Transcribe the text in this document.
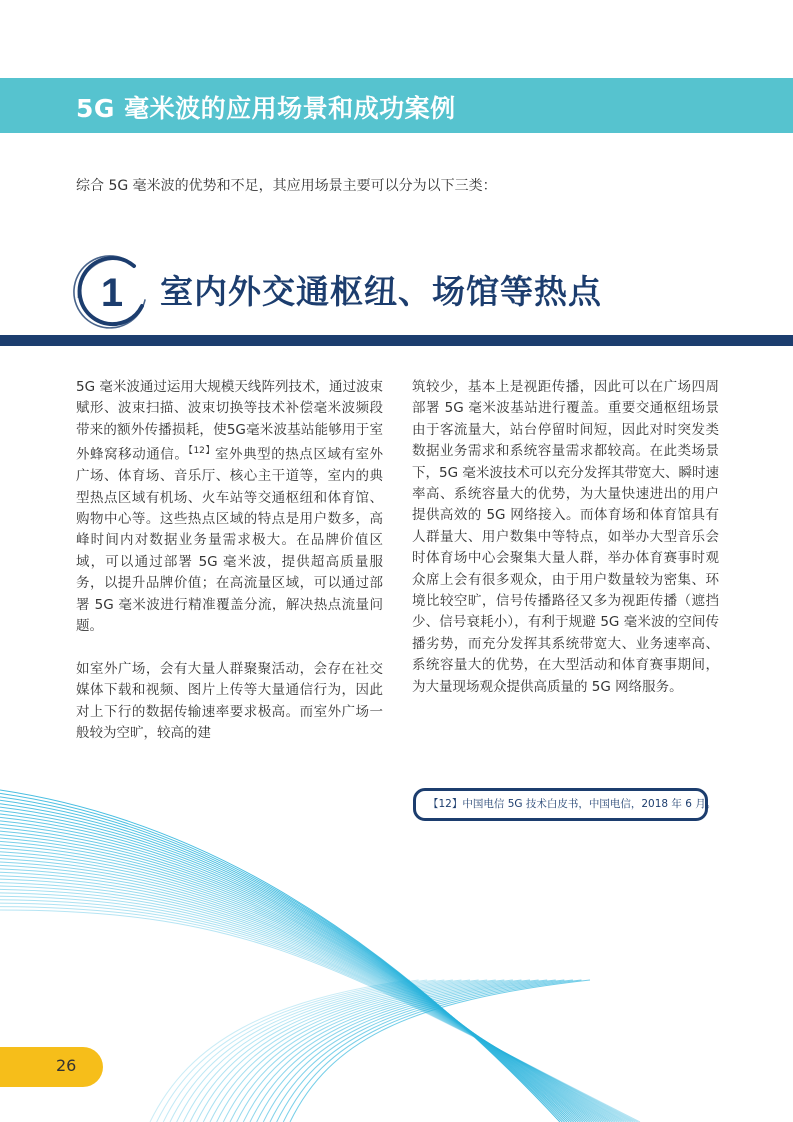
5G 毫米波的应用场景和成功案例
综合 5G 毫米波的优势和不足，其应用场景主要可以分为以下三类：
1 室内外交通枢纽、场馆等热点

5G 毫米波通过运用大规模天线阵列技术，通过波束赋形、波束扫描、波束切换等技术补偿毫米波频段带来的额外传播损耗，使5G毫米波基站能够用于室外蜂窝移动通信。$^{【12】}$室外典型的热点区域有室外广场、体育场、音乐厅、核心主干道等，室内的典型热点区域有机场、火车站等交通枢纽和体育馆、购物中心等。这些热点区域的特点是用户数多，高峰时间内对数据业务量需求极大。在品牌价值区域，可以通过部署 5G 毫米波，提供超高质量服务，以提升品牌价值；在高流量区域，可以通过部署 5G 毫米波进行精准覆盖分流，解决热点流量问题。

如室外广场，会有大量人群聚聚活动，会存在社交媒体下载和视频、图片上传等大量通信行为，因此对上下行的数据传输速率要求极高。而室外广场一般较为空旷，较高的建

筑较少，基本上是视距传播，因此可以在广场四周部署 5G 毫米波基站进行覆盖。重要交通枢纽场景由于客流量大，站台停留时间短，因此对时突发类数据业务需求和系统容量需求都较高。在此类场景下，5G 毫米波技术可以充分发挥其带宽大、瞬时速率高、系统容量大的优势，为大量快速进出的用户提供高效的 5G 网络接入。而体育场和体育馆具有人群量大、用户数集中等特点，如举办大型音乐会时体育场中心会聚集大量人群，举办体育赛事时观众席上会有很多观众，由于用户数量较为密集、环境比较空旷，信号传播路径又多为视距传播（遮挡少、信号衰耗小），有利于规避 5G 毫米波的空间传播劣势，而充分发挥其系统带宽大、业务速率高、系统容量大的优势，在大型活动和体育赛事期间，为大量现场观众提供高质量的 5G 网络服务。

【12】中国电信 5G 技术白皮书，中国电信，2018 年 6 月。
26
